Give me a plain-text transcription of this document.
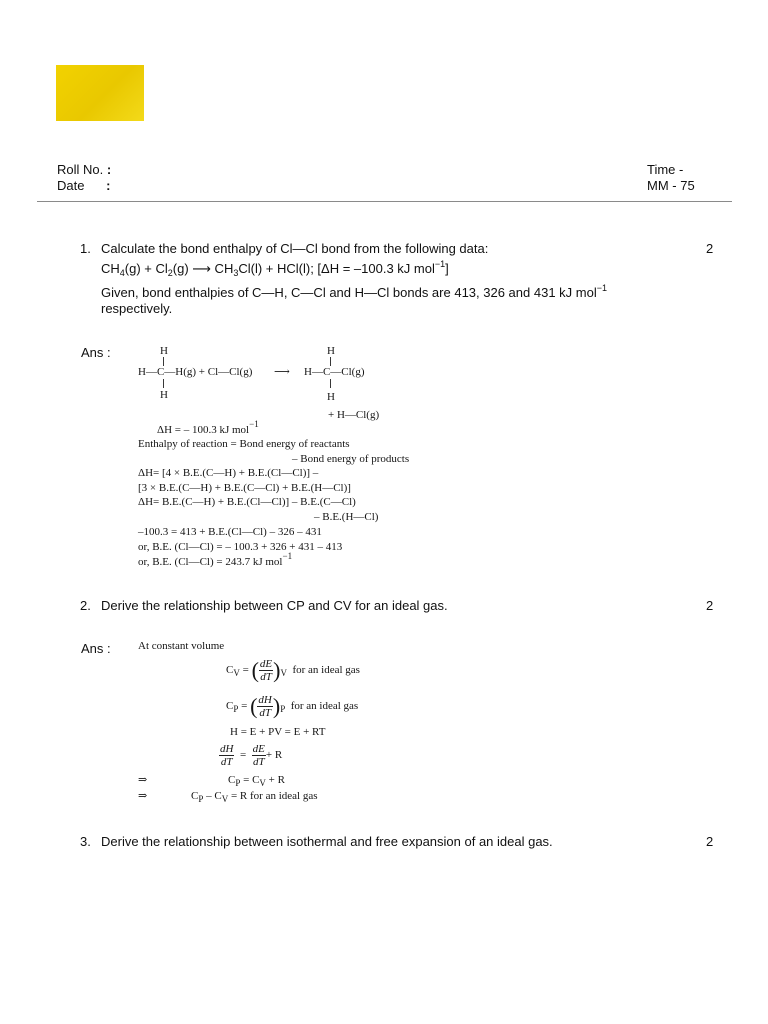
Roll No. :
Date :
Time -
MM - 75
1. Calculate the bond enthalpy of Cl—Cl bond from the following data:	2
$CH_4(g) + Cl_2(g)$ ⟶ $CH_3Cl(l) + HCl(l)$; [ΔH = –100.3 kJ mol$^{-1}$]
Given, bond enthalpies of C—H, C—Cl and H—Cl bonds are 413, 326 and 431 kJ mol$^{-1}$
respectively.
Ans :	H
H—C—H(g) + Cl—Cl(g)
H
⟶
H
H—C—Cl(g)
H
+ H—Cl(g)
ΔH = – 100.3 kJ mol$^{-1}$
Enthalpy of reaction = Bond energy of reactants
– Bond energy of products
ΔH= [4 × B.E.(C—H) + B.E.(Cl—Cl)] –
[3 × B.E.(C—H) + B.E.(C—Cl) + B.E.(H—Cl)]
ΔH= B.E.(C—H) + B.E.(Cl—Cl)] – B.E.(C—Cl)
– B.E.(H—Cl)
–100.3 = 413 + B.E.(Cl—Cl) – 326 – 431
or, B.E. (Cl—Cl) = – 100.3 + 326 + 431 – 413
or, B.E. (Cl—Cl) = 243.7 kJ mol$^{-1}$
2. Derive the relationship between CP and CV for an ideal gas.	2
Ans : At constant volume
$C_V$ = ( $\frac{dE}{dT} )_V$ for an ideal gas
$C_P$ = ( $\frac{dH}{dT} )_P$ for an ideal gas
H = E + PV = E + RT
$\frac{dH}{dT} = \frac{dE}{dT} + R$
⇒	$C_P = C_V + R$
⇒	$C_P - C_V = R$ for an ideal gas
3. Derive the relationship between isothermal and free expansion of an ideal gas.	2
